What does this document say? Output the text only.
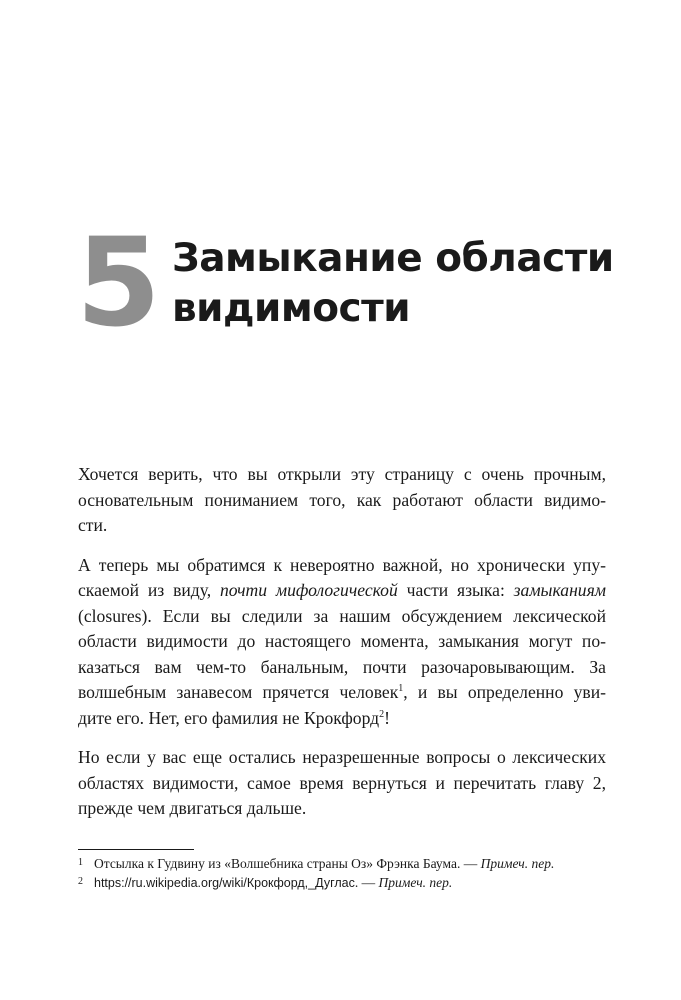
5 Замыкание области
видимости
Хочется верить, что вы открыли эту страницу с очень прочным,
основательным пониманием того, как работают области видимо-
сти.
А теперь мы обратимся к невероятно важной, но хронически упу-
скаемой из виду, почти мифологической части языка: замыканиям
(closures). Если вы следили за нашим обсуждением лексической
области видимости до настоящего момента, замыкания могут по-
казаться вам чем-то банальным, почти разочаровывающим. За
волшебным занавесом прячется человек$^1$, и вы определенно уви-
дите его. Нет, его фамилия не Крокфорд$^2$!
Но если у вас еще остались неразрешенные вопросы о лексических
областях видимости, самое время вернуться и перечитать главу 2,
прежде чем двигаться дальше.
1 Отсылка к Гудвину из «Волшебника страны Оз» Фрэнка Баума. — Примеч. пер.
2 https://ru.wikipedia.org/wiki/Крокфорд,_Дуглас. — Примеч. пер.
